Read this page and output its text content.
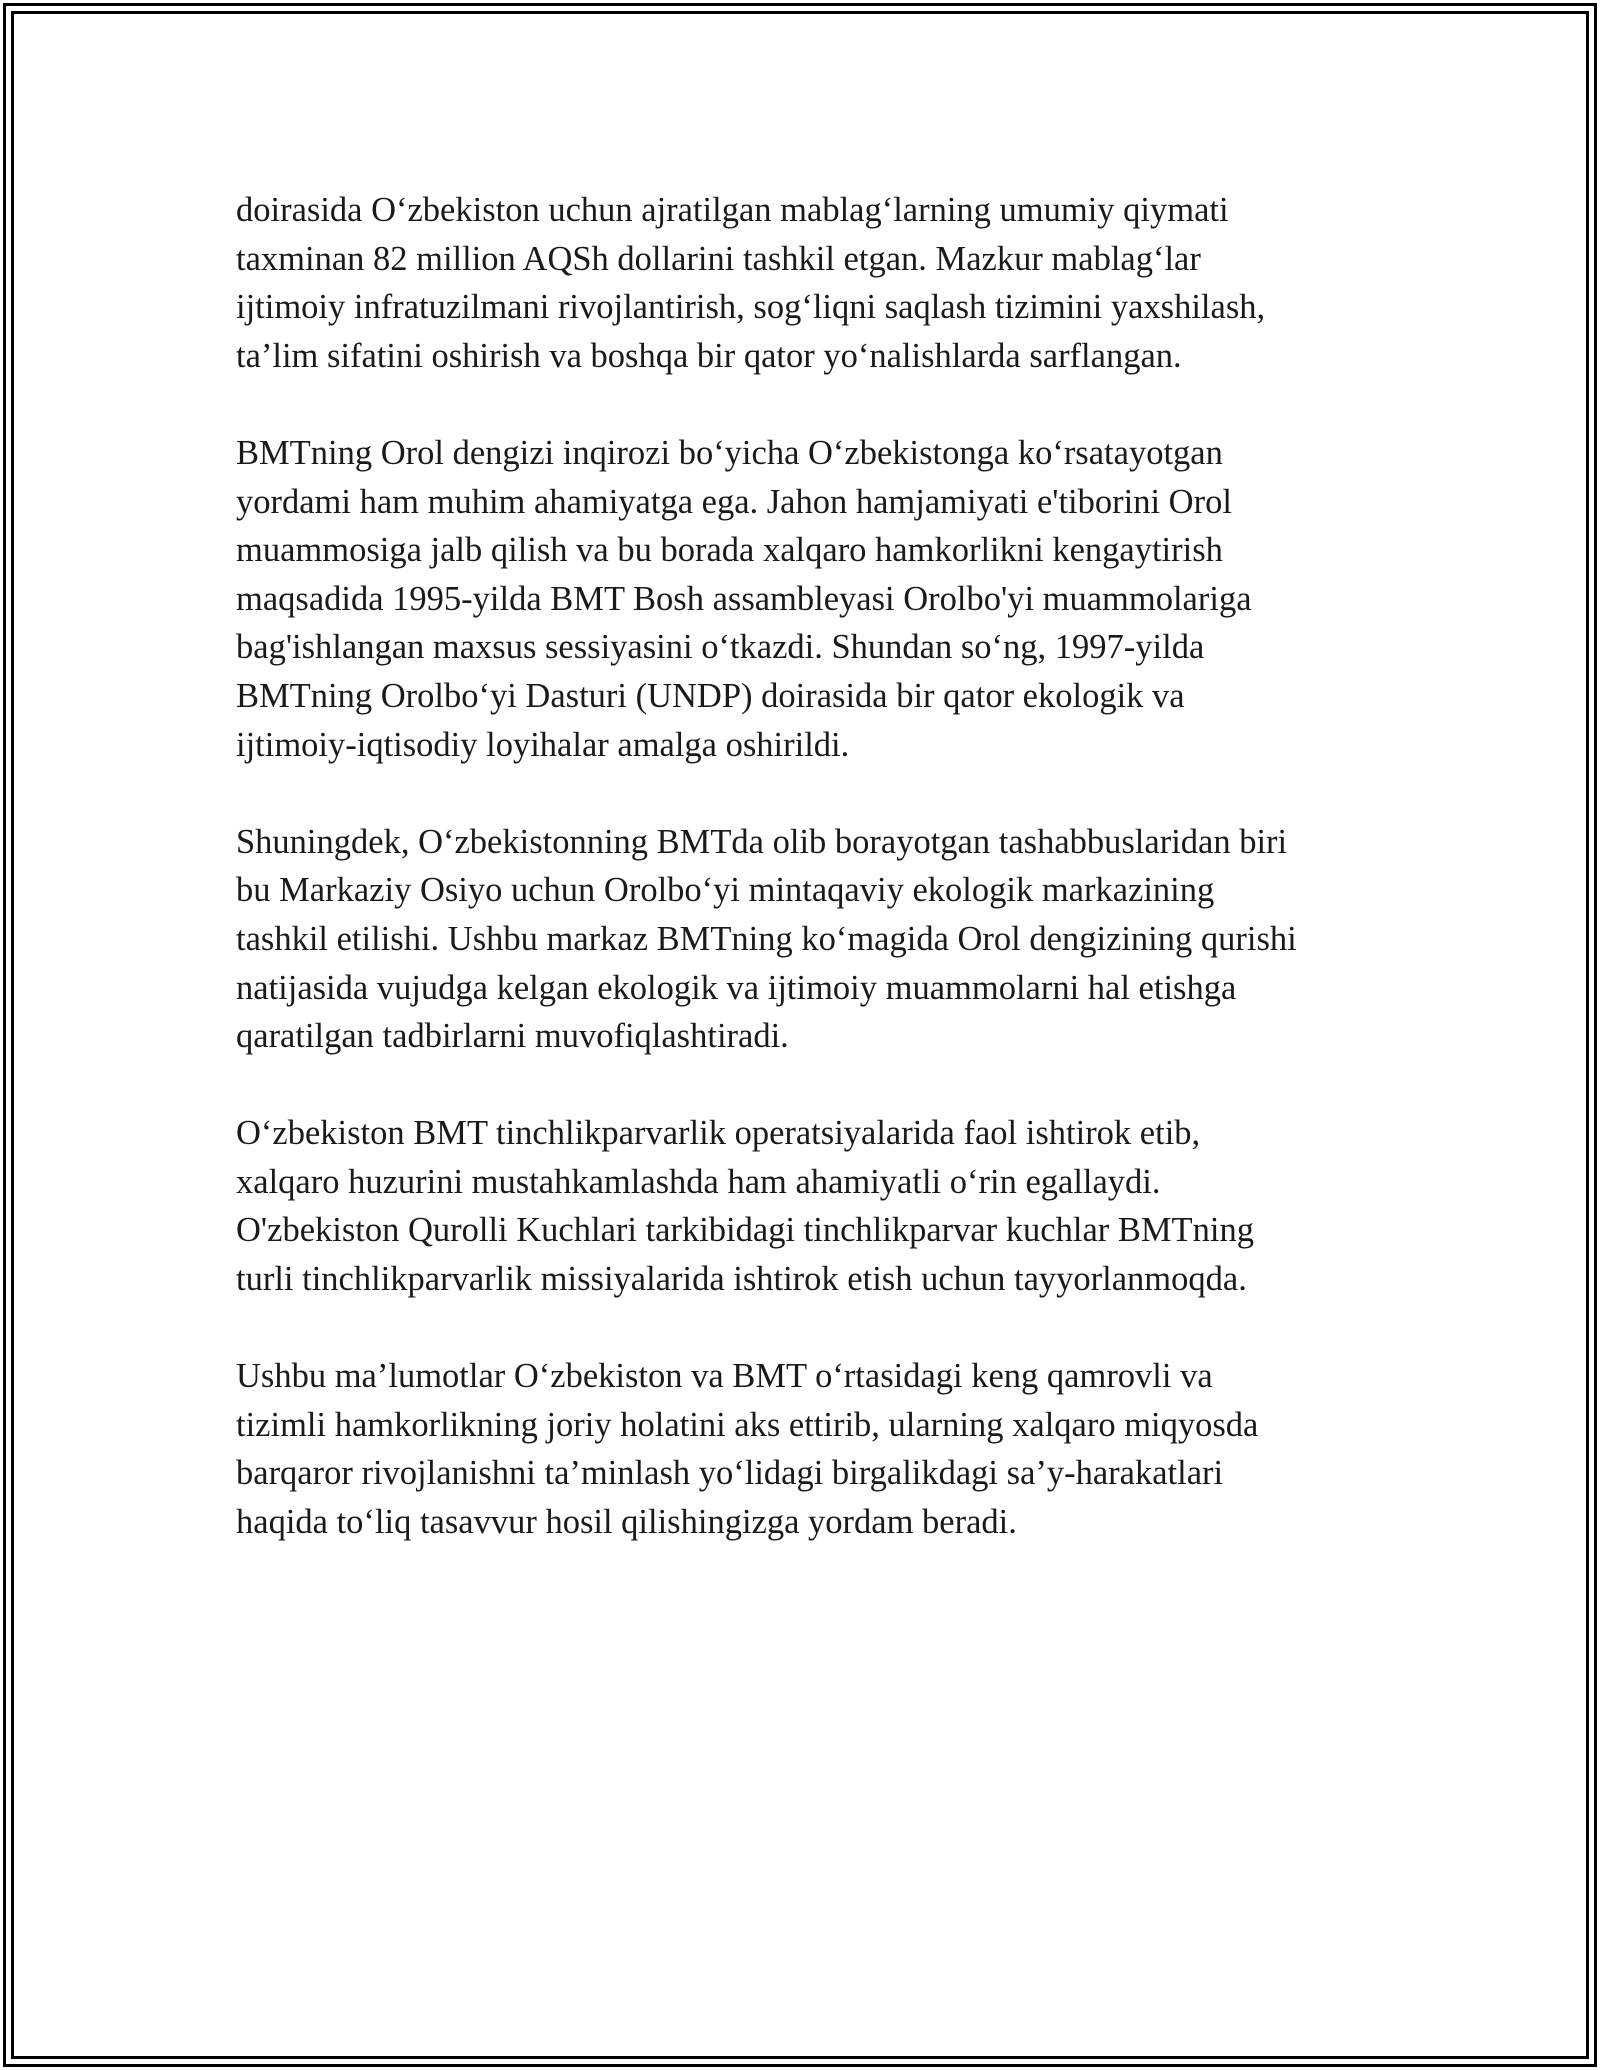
doirasida O‘zbekiston uchun ajratilgan mablag‘larning umumiy qiymati
taxminan 82 million AQSh dollarini tashkil etgan. Mazkur mablag‘lar
ijtimoiy infratuzilmani rivojlantirish, sog‘liqni saqlash tizimini yaxshilash,
ta’lim sifatini oshirish va boshqa bir qator yo‘nalishlarda sarflangan.

BMTning Orol dengizi inqirozi bo‘yicha O‘zbekistonga ko‘rsatayotgan
yordami ham muhim ahamiyatga ega. Jahon hamjamiyati e'tiborini Orol
muammosiga jalb qilish va bu borada xalqaro hamkorlikni kengaytirish
maqsadida 1995-yilda BMT Bosh assambleyasi Orolbo'yi muammolariga
bag'ishlangan maxsus sessiyasini o‘tkazdi. Shundan so‘ng, 1997-yilda
BMTning Orolbo‘yi Dasturi (UNDP) doirasida bir qator ekologik va
ijtimoiy-iqtisodiy loyihalar amalga oshirildi.

Shuningdek, O‘zbekistonning BMTda olib borayotgan tashabbuslaridan biri
bu Markaziy Osiyo uchun Orolbo‘yi mintaqaviy ekologik markazining
tashkil etilishi. Ushbu markaz BMTning ko‘magida Orol dengizining qurishi
natijasida vujudga kelgan ekologik va ijtimoiy muammolarni hal etishga
qaratilgan tadbirlarni muvofiqlashtiradi.

O‘zbekiston BMT tinchlikparvarlik operatsiyalarida faol ishtirok etib,
xalqaro huzurini mustahkamlashda ham ahamiyatli o‘rin egallaydi.
O'zbekiston Qurolli Kuchlari tarkibidagi tinchlikparvar kuchlar BMTning
turli tinchlikparvarlik missiyalarida ishtirok etish uchun tayyorlanmoqda.

Ushbu ma’lumotlar O‘zbekiston va BMT o‘rtasidagi keng qamrovli va
tizimli hamkorlikning joriy holatini aks ettirib, ularning xalqaro miqyosda
barqaror rivojlanishni ta’minlash yo‘lidagi birgalikdagi sa’y-harakatlari
haqida to‘liq tasavvur hosil qilishingizga yordam beradi.
